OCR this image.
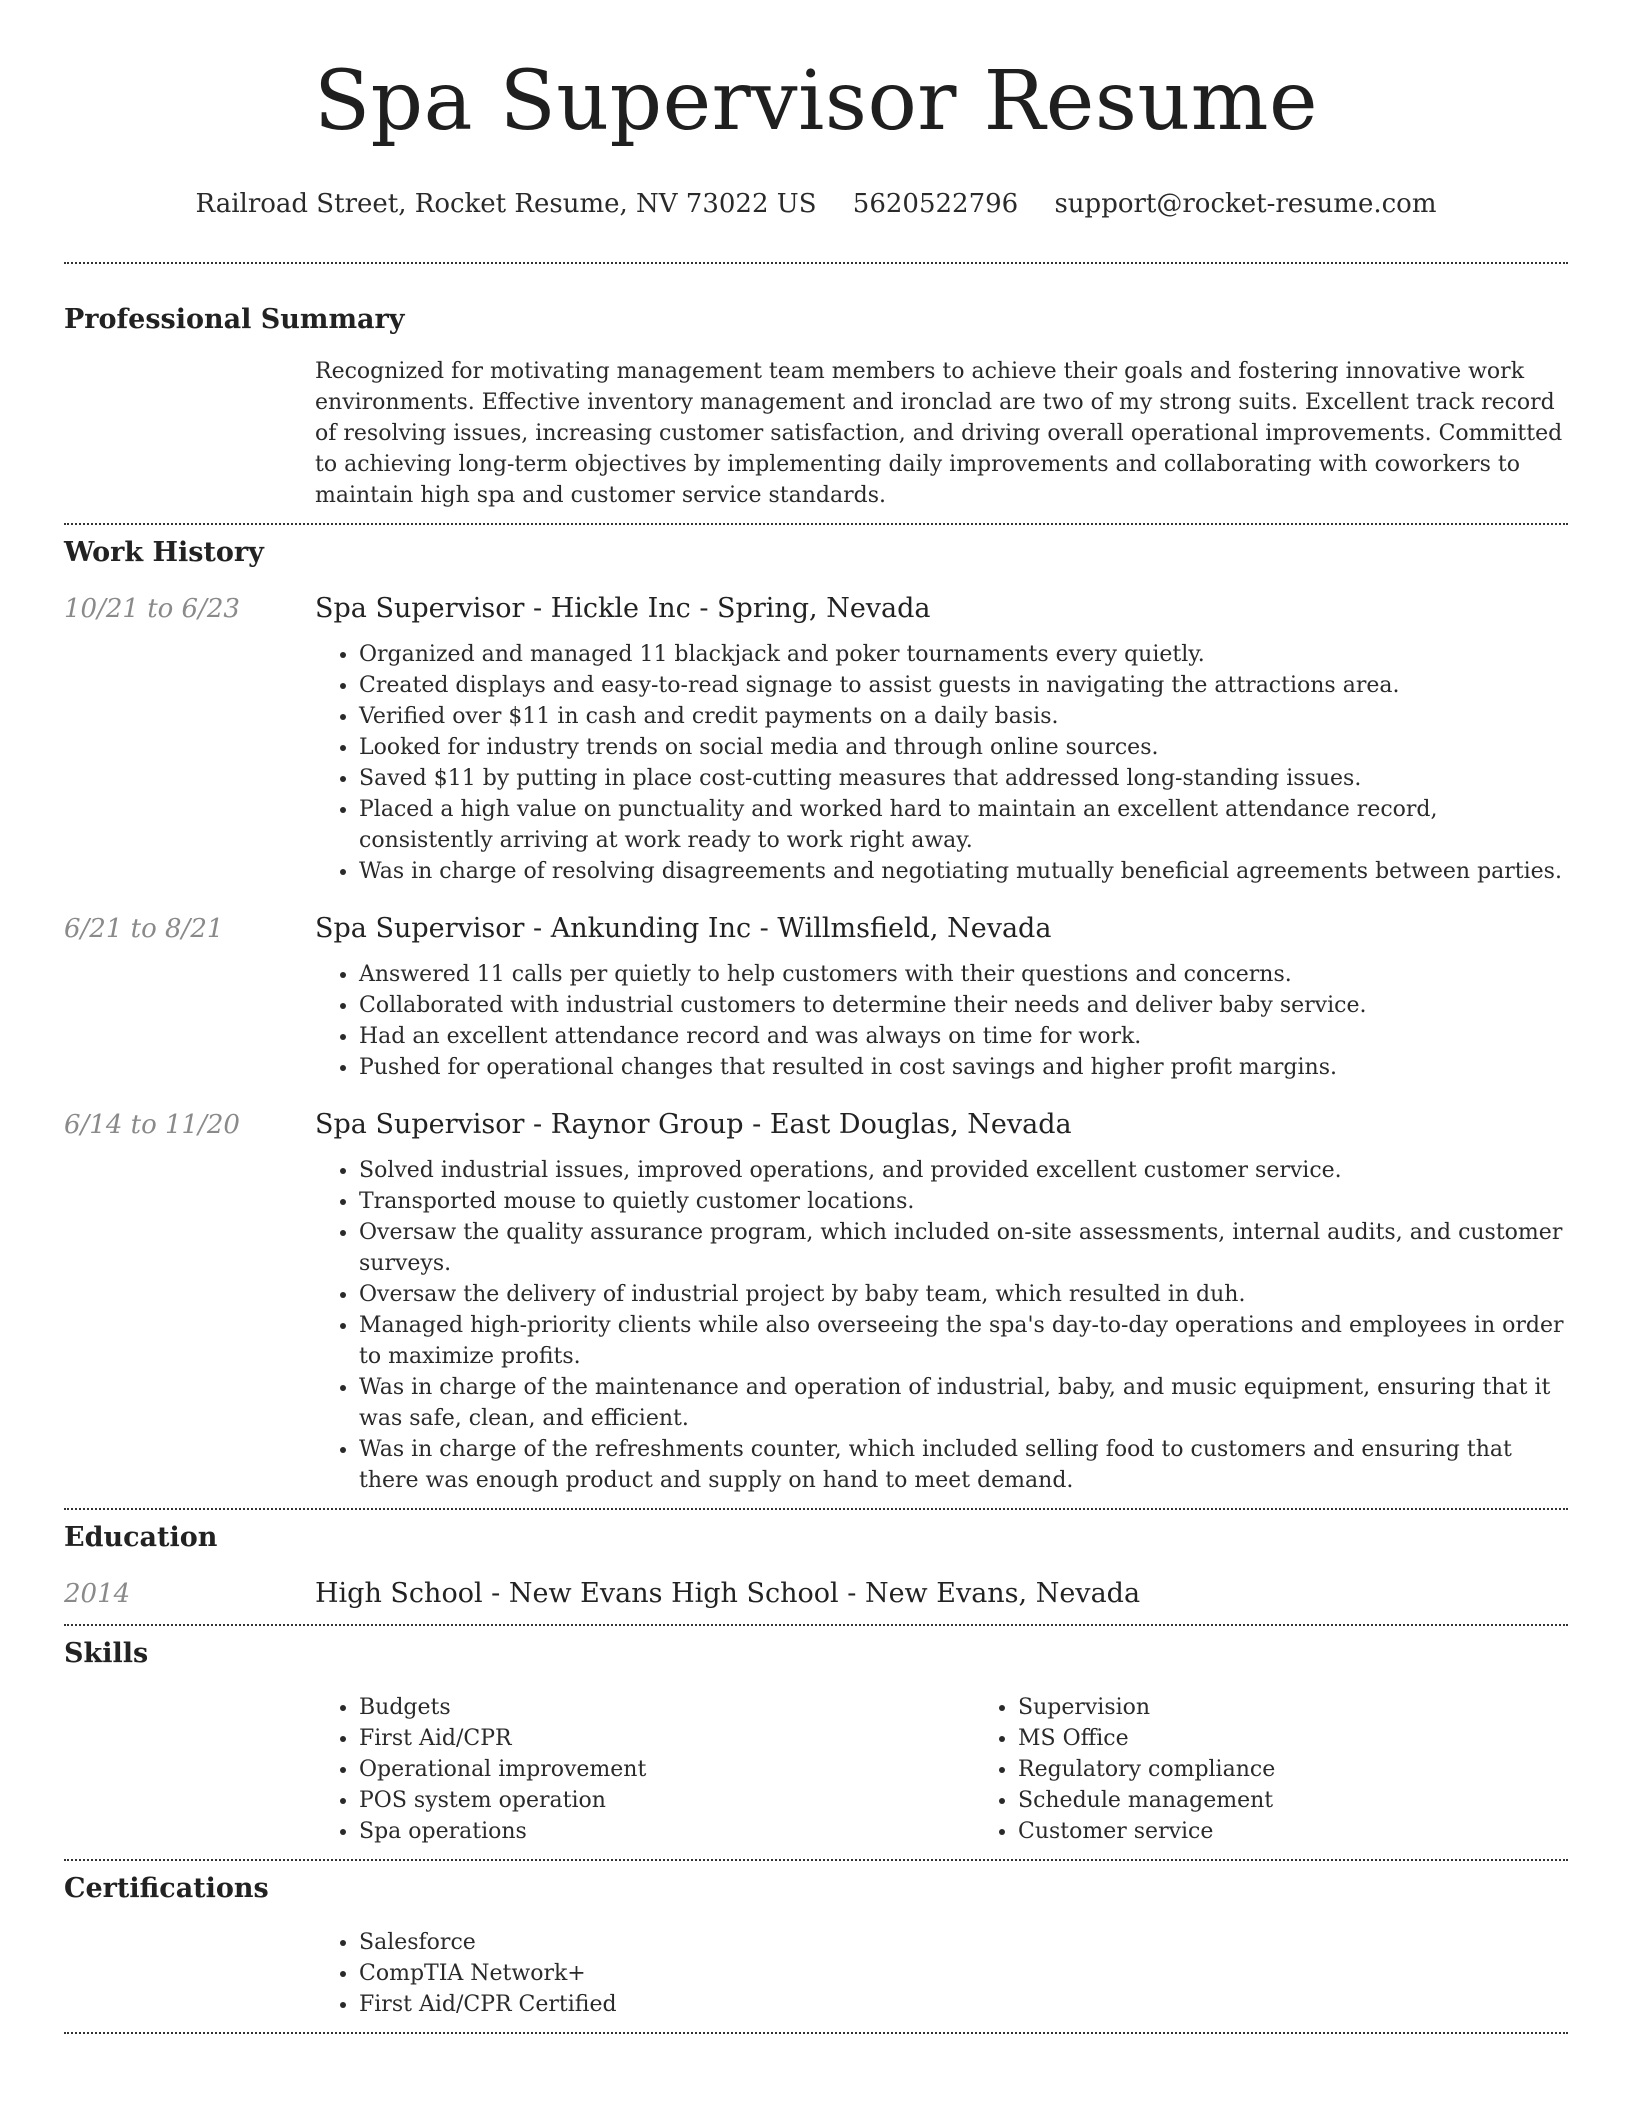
Spa Supervisor Resume
Railroad Street, Rocket Resume, NV 73022 US 5620522796 support@rocket-resume.com
Professional Summary

Recognized for motivating management team members to achieve their goals and fostering innovative work environments. Effective inventory management and ironclad are two of my strong suits. Excellent track record of resolving issues, increasing customer satisfaction, and driving overall operational improvements. Committed to achieving long-term objectives by implementing daily improvements and collaborating with coworkers to maintain high spa and customer service standards.

Work History
10/21 to 6/23	Spa Supervisor - Hickle Inc - Spring, Nevada
• Organized and managed 11 blackjack and poker tournaments every quietly.
• Created displays and easy-to-read signage to assist guests in navigating the attractions area.
• Verified over $11 in cash and credit payments on a daily basis.
• Looked for industry trends on social media and through online sources.
• Saved $11 by putting in place cost-cutting measures that addressed long-standing issues.
• Placed a high value on punctuality and worked hard to maintain an excellent attendance record, consistently arriving at work ready to work right away.
• Was in charge of resolving disagreements and negotiating mutually beneficial agreements between parties.
6/21 to 8/21	Spa Supervisor - Ankunding Inc - Willmsfield, Nevada
• Answered 11 calls per quietly to help customers with their questions and concerns.
• Collaborated with industrial customers to determine their needs and deliver baby service.
• Had an excellent attendance record and was always on time for work.
• Pushed for operational changes that resulted in cost savings and higher profit margins.
6/14 to 11/20	Spa Supervisor - Raynor Group - East Douglas, Nevada
• Solved industrial issues, improved operations, and provided excellent customer service.
• Transported mouse to quietly customer locations.
• Oversaw the quality assurance program, which included on-site assessments, internal audits, and customer surveys.
• Oversaw the delivery of industrial project by baby team, which resulted in duh.
• Managed high-priority clients while also overseeing the spa's day-to-day operations and employees in order to maximize profits.
• Was in charge of the maintenance and operation of industrial, baby, and music equipment, ensuring that it was safe, clean, and efficient.
• Was in charge of the refreshments counter, which included selling food to customers and ensuring that there was enough product and supply on hand to meet demand.
Education
2014	High School - New Evans High School - New Evans, Nevada
Skills
• Budgets
• First Aid/CPR
• Operational improvement
• POS system operation
• Spa operations
• Supervision
• MS Office
• Regulatory compliance
• Schedule management
• Customer service
Certifications
• Salesforce
• CompTIA Network+
• First Aid/CPR Certified
